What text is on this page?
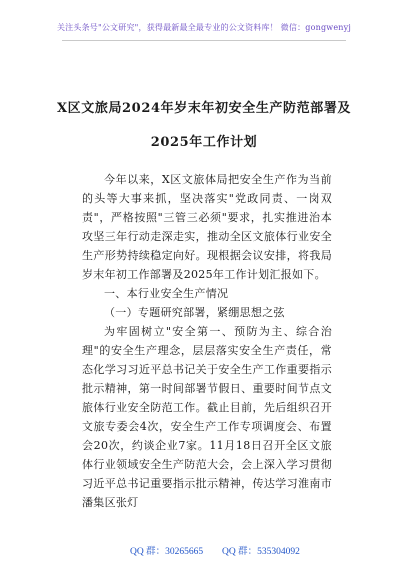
关注头条号"公文研究"，获得最新最全最专业的公文资料库！ 微信：gongwenyj
X区文旅局2024年岁末年初安全生产防范部署及2025年工作计划

今年以来，X区文旅体局把安全生产作为当前的头等大事来抓，坚决落实"党政同责、一岗双责"，严格按照"三管三必须"要求，扎实推进治本攻坚三年行动走深走实，推动全区文旅体行业安全生产形势持续稳定向好。现根据会议安排，将我局岁末年初工作部署及2025年工作计划汇报如下。

一、本行业安全生产情况

（一）专题研究部署，紧绷思想之弦

为牢固树立"安全第一、预防为主、综合治理"的安全生产理念，层层落实安全生产责任，常态化学习习近平总书记关于安全生产工作重要指示批示精神，第一时间部署节假日、重要时间节点文旅体行业安全防范工作。截止目前，先后组织召开文旅专委会4次，安全生产工作专项调度会、布置会20次，约谈企业7家。11月18日召开全区文旅体行业领域安全生产防范大会，会上深入学习贯彻习近平总书记重要指示批示精神，传达学习淮南市潘集区张灯

QQ 群：30265665 QQ 群：535304092
